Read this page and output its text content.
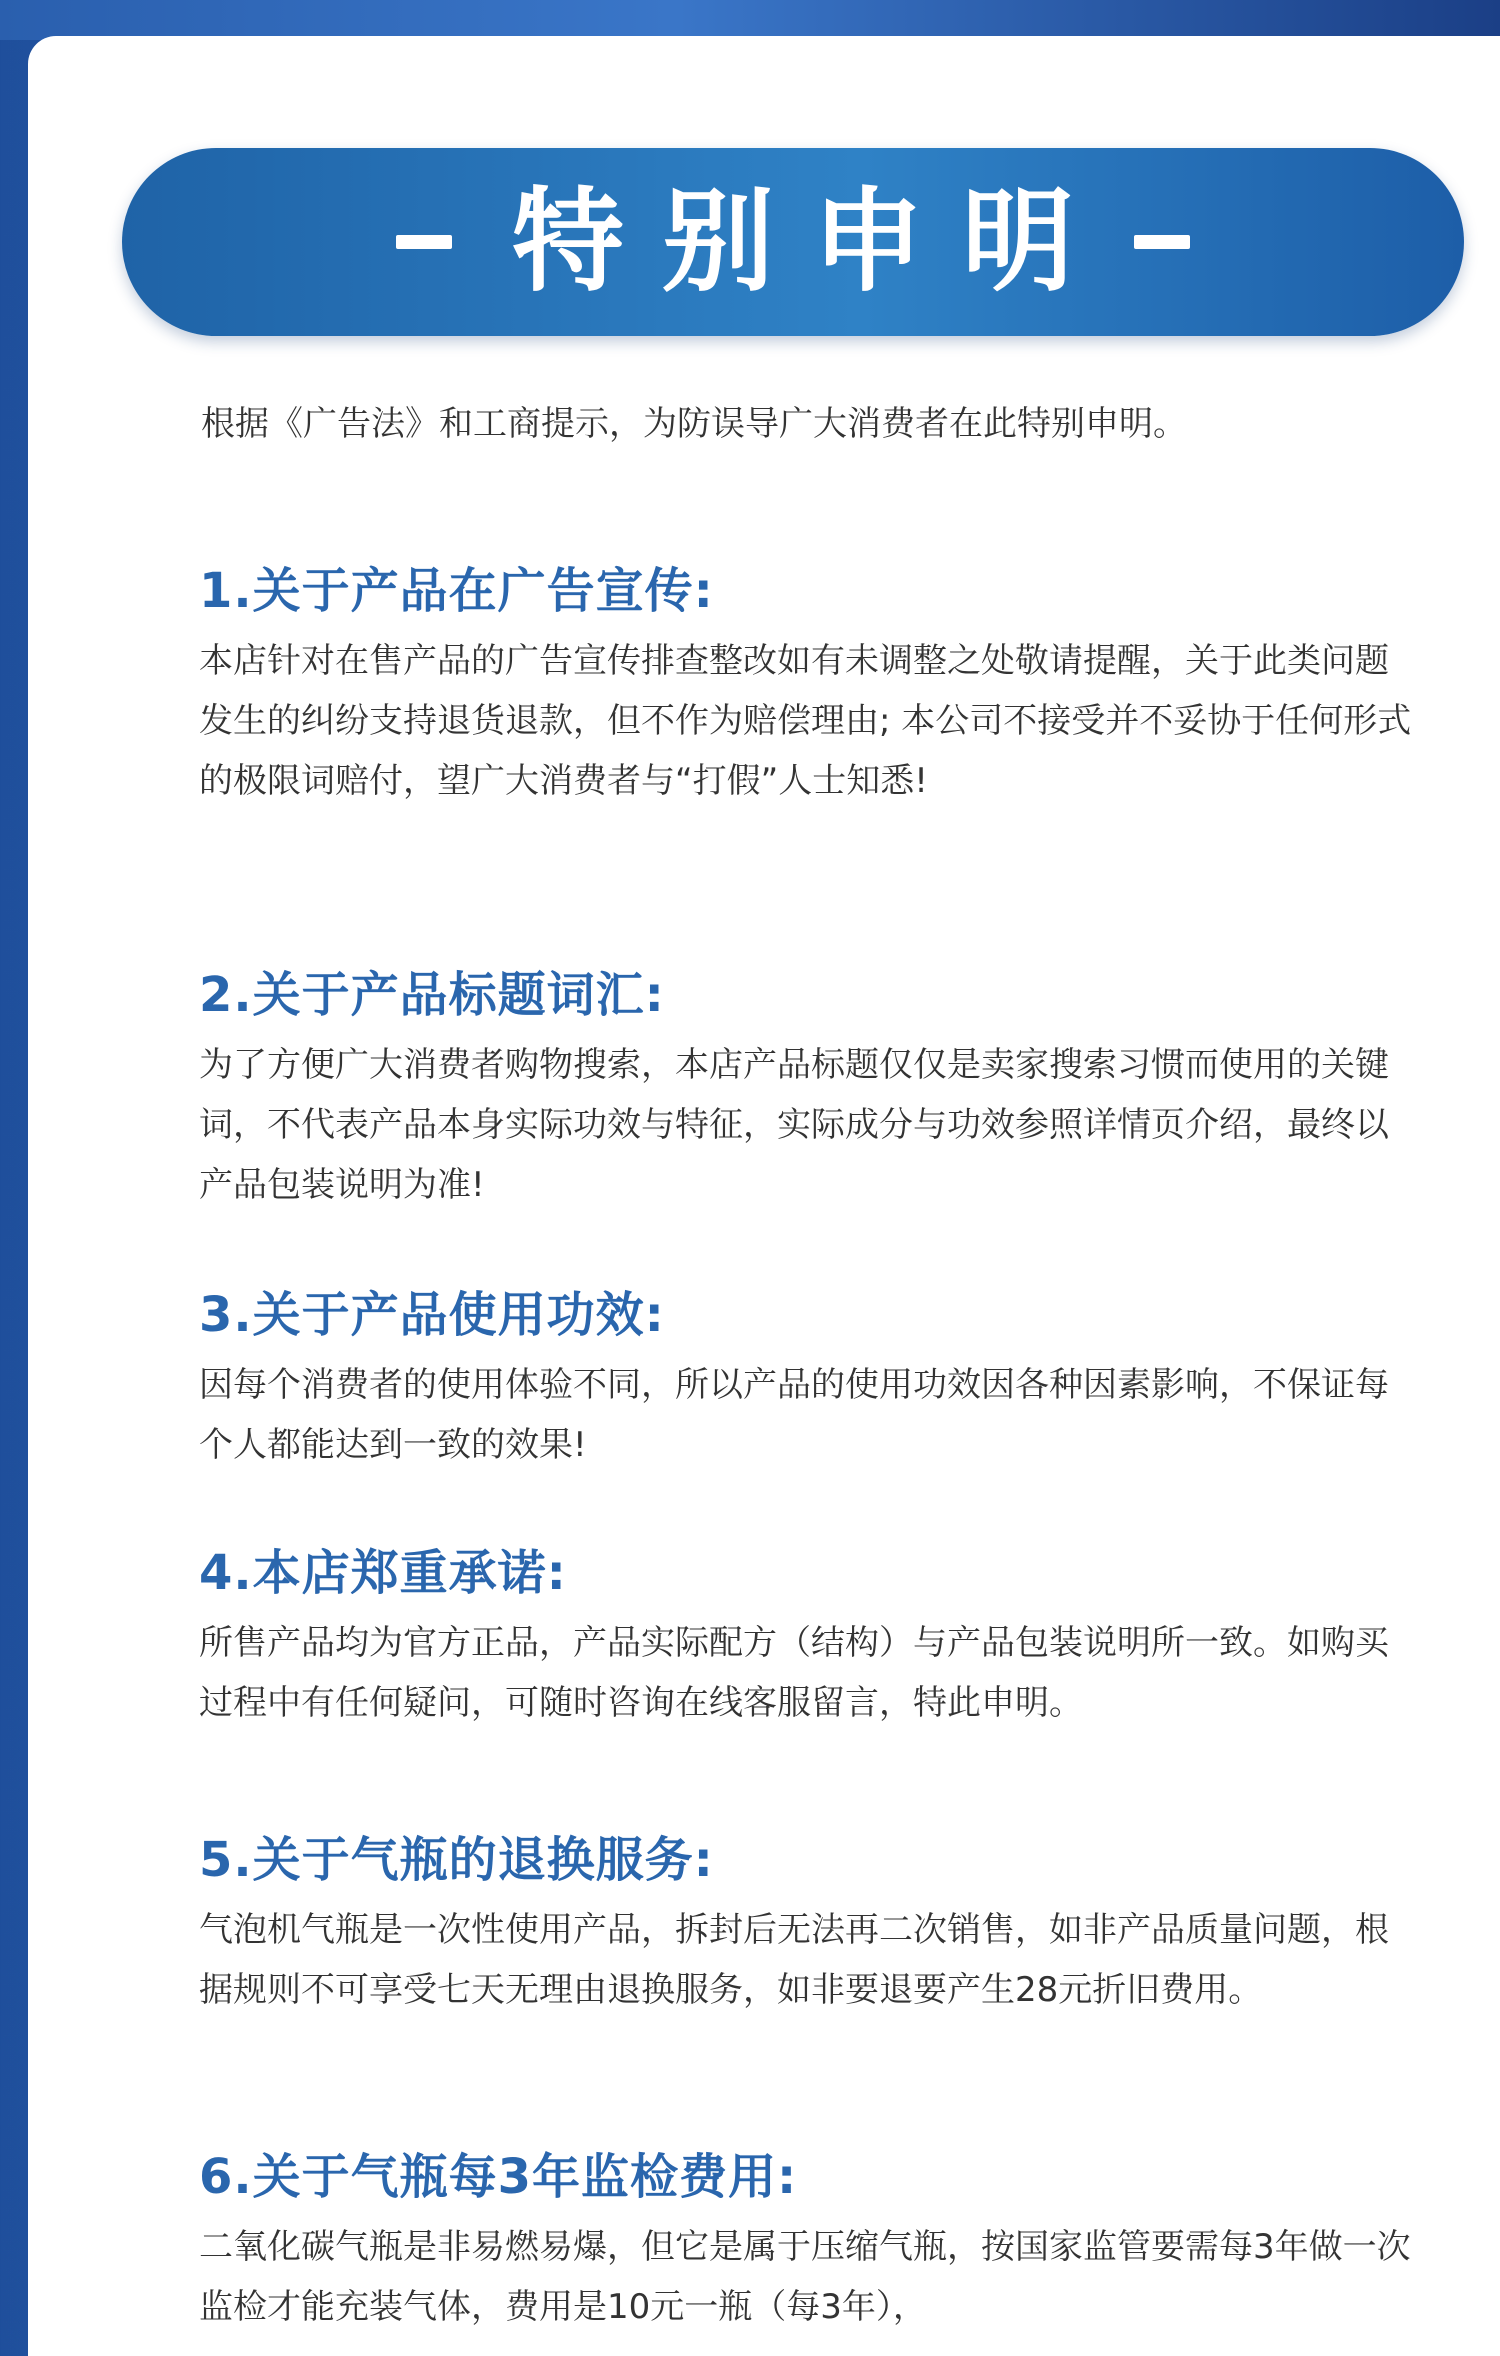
特别申明
根据《广告法》和工商提示，为防误导广大消费者在此特别申明。

1.关于产品在广告宣传:

本店针对在售产品的广告宣传排查整改如有未调整之处敬请提醒，关于此类问题发生的纠纷支持退货退款，但不作为赔偿理由; 本公司不接受并不妥协于任何形式的极限词赔付，望广大消费者与“打假”人士知悉!

2.关于产品标题词汇:

为了方便广大消费者购物搜索，本店产品标题仅仅是卖家搜索习惯而使用的关键词，不代表产品本身实际功效与特征，实际成分与功效参照详情页介绍，最终以产品包装说明为准!

3.关于产品使用功效:

因每个消费者的使用体验不同，所以产品的使用功效因各种因素影响，不保证每个人都能达到一致的效果!

4.本店郑重承诺:

所售产品均为官方正品，产品实际配方（结构）与产品包装说明所一致。如购买过程中有任何疑问，可随时咨询在线客服留言，特此申明。

5.关于气瓶的退换服务:

气泡机气瓶是一次性使用产品，拆封后无法再二次销售，如非产品质量问题，根据规则不可享受七天无理由退换服务，如非要退要产生28元折旧费用。

6.关于气瓶每3年监检费用:

二氧化碳气瓶是非易燃易爆，但它是属于压缩气瓶，按国家监管要需每3年做一次监检才能充装气体，费用是10元一瓶（每3年），
